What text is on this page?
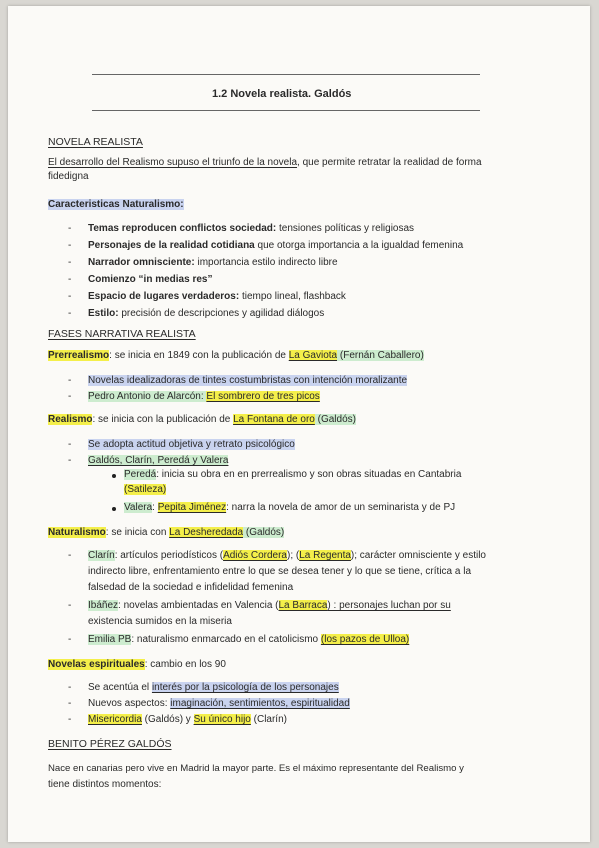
1.2 Novela realista. Galdós
NOVELA REALISTA
El desarrollo del Realismo supuso el triunfo de la novela, que permite retratar la realidad de forma
fidedigna
Caracteristicas Naturalismo:
- Temas reproducen conflictos sociedad: tensiones políticas y religiosas
- Personajes de la realidad cotidiana que otorga importancia a la igualdad femenina
- Narrador omnisciente: importancia estilo indirecto libre
- Comienzo “in medias res”
- Espacio de lugares verdaderos: tiempo lineal, flashback
- Estilo: precisión de descripciones y agilidad diálogos
FASES NARRATIVA REALISTA
Prerrealismo: se inicia en 1849 con la publicación de La Gaviota (Fernán Caballero)
- Novelas idealizadoras de tintes costumbristas con intención moralizante
- Pedro Antonio de Alarcón: El sombrero de tres picos
Realismo: se inicia con la publicación de La Fontana de oro (Galdós)
- Se adopta actitud objetiva y retrato psicológico
- Galdós, Clarín, Peredá y Valera
Peredá: inicia su obra en en prerrealismo y son obras situadas en Cantabria
(Satileza)
Valera: Pepita Jiménez: narra la novela de amor de un seminarista y de PJ
Naturalismo: se inicia con La Desheredada (Galdós)
- Clarín: artículos periodísticos (Adiós Cordera); (La Regenta); carácter omnisciente y estilo
indirecto libre, enfrentamiento entre lo que se desea tener y lo que se tiene, crítica a la
falsedad de la sociedad e infidelidad femenina
- Ibáñez: novelas ambientadas en Valencia (La Barraca) : personajes luchan por su
existencia sumidos en la miseria
- Emilia PB: naturalismo enmarcado en el catolicismo (los pazos de Ulloa)
Novelas espirituales: cambio en los 90
- Se acentúa el interés por la psicología de los personajes
- Nuevos aspectos: imaginación, sentimientos, espiritualidad
- Misericordia (Galdós) y Su único hijo (Clarín)
BENITO PÉREZ GALDÓS
Nace en canarias pero vive en Madrid la mayor parte. Es el máximo representante del Realismo y
tiene distintos momentos:
